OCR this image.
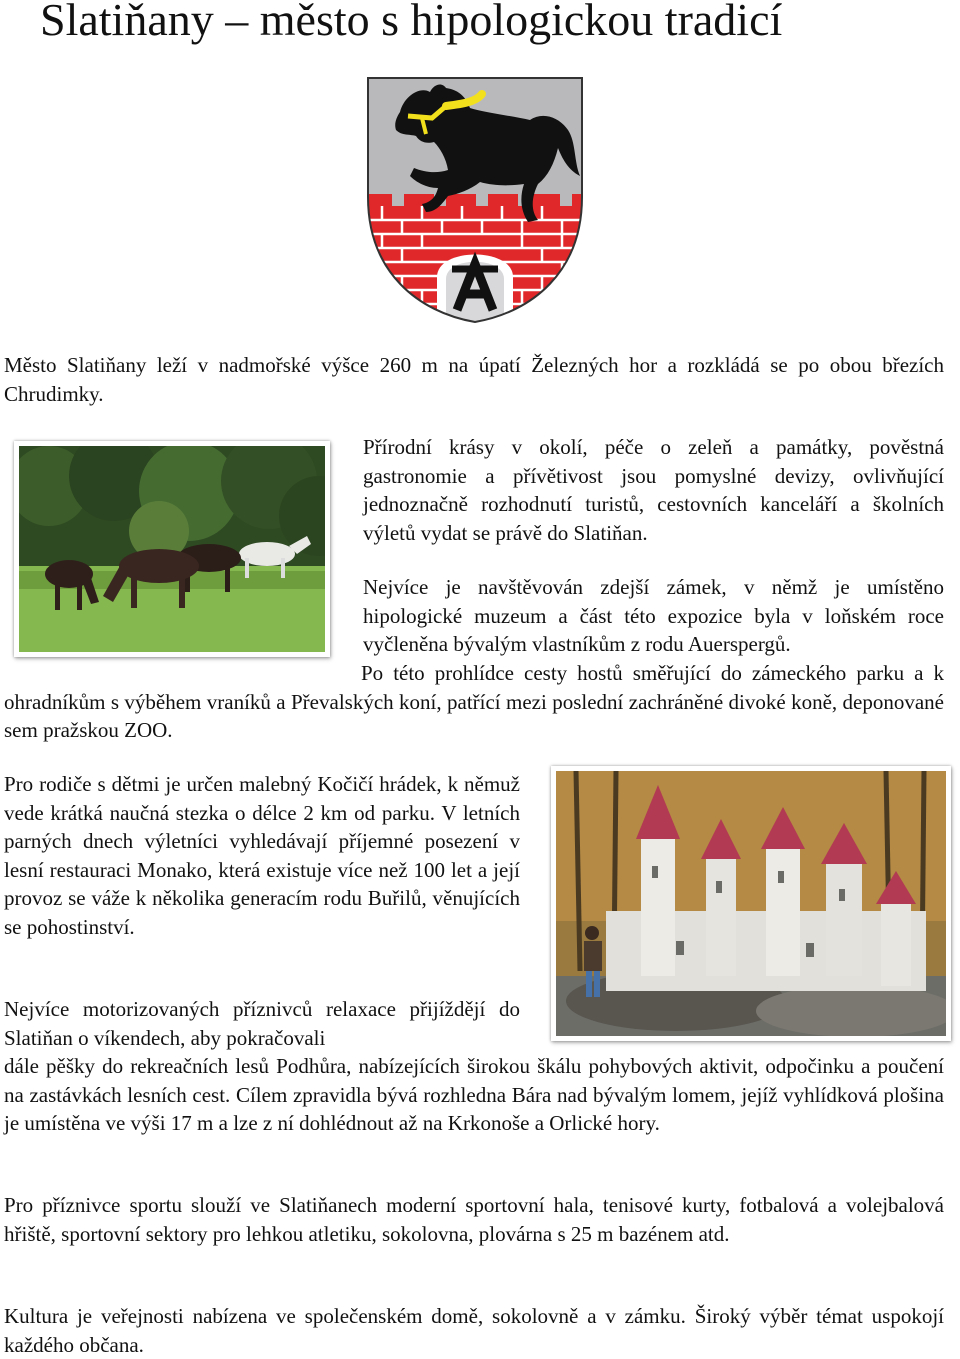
Slatiňany – město s hipologickou tradicí

Město Slatiňany leží v nadmořské výšce 260 m na úpatí Železných hor a rozkládá se po obou březích Chrudimky.

Přírodní krásy v okolí, péče o zeleň a památky, pověstná gastronomie a přívětivost jsou pomyslné devizy, ovlivňující jednoznačně rozhodnutí turistů, cestovních kanceláří a školních výletů vydat se právě do Slatiňan.

Nejvíce je navštěvován zdejší zámek, v němž je umístěno hipologické muzeum a část této expozice byla v loňském roce vyčleněna bývalým vlastníkům z rodu Auerspergů.

Po této prohlídce cesty hostů směřující do zámeckého parku a k ohradníkům s výběhem vraníků a Převalských koní, patřící mezi poslední zachráněné divoké koně, deponované sem pražskou ZOO.

Pro rodiče s dětmi je určen malebný Kočičí hrádek, k němuž vede krátká naučná stezka o délce 2 km od parku. V letních parných dnech výletníci vyhledávají příjemné posezení v lesní restauraci Monako, která existuje více než 100 let a její provoz se váže k několika generacím rodu Buřilů, věnujících se pohostinství.

Nejvíce motorizovaných příznivců relaxace přijíždějí do Slatiňan o víkendech, aby pokračovali

dále pěšky do rekreačních lesů Podhůra, nabízejících širokou škálu pohybových aktivit, odpočinku a poučení na zastávkách lesních cest. Cílem zpravidla bývá rozhledna Bára nad bývalým lomem, jejíž vyhlídková plošina je umístěna ve výši 17 m a lze z ní dohlédnout až na Krkonoše a Orlické hory.

Pro příznivce sportu slouží ve Slatiňanech moderní sportovní hala, tenisové kurty, fotbalová a volejbalová hřiště, sportovní sektory pro lehkou atletiku, sokolovna, plovárna s 25 m bazénem atd.

Kultura je veřejnosti nabízena ve společenském domě, sokolovně a v zámku. Široký výběr témat uspokojí každého občana.
